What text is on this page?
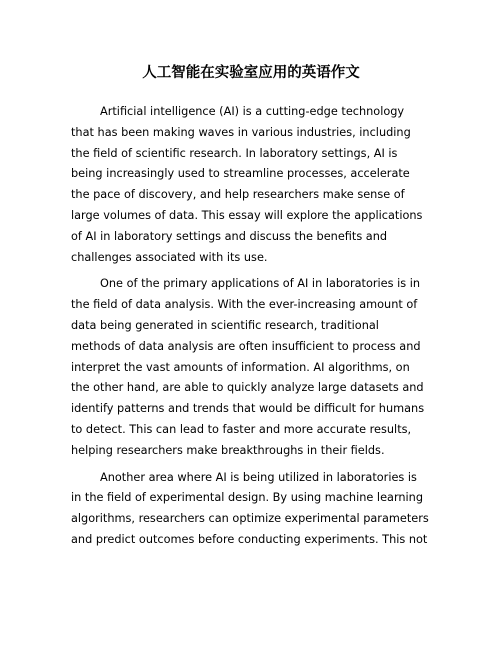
人工智能在实验室应用的英语作文

Artificial intelligence (AI) is a cutting-edge technology that has been making waves in various industries, including the field of scientific research. In laboratory settings, AI is being increasingly used to streamline processes, accelerate the pace of discovery, and help researchers make sense of large volumes of data. This essay will explore the applications of AI in laboratory settings and discuss the benefits and challenges associated with its use.

One of the primary applications of AI in laboratories is in the field of data analysis. With the ever-increasing amount of data being generated in scientific research, traditional methods of data analysis are often insufficient to process and interpret the vast amounts of information. AI algorithms, on the other hand, are able to quickly analyze large datasets and identify patterns and trends that would be difficult for humans to detect. This can lead to faster and more accurate results, helping researchers make breakthroughs in their fields.

Another area where AI is being utilized in laboratories is in the field of experimental design. By using machine learning algorithms, researchers can optimize experimental parameters and predict outcomes before conducting experiments. This not
